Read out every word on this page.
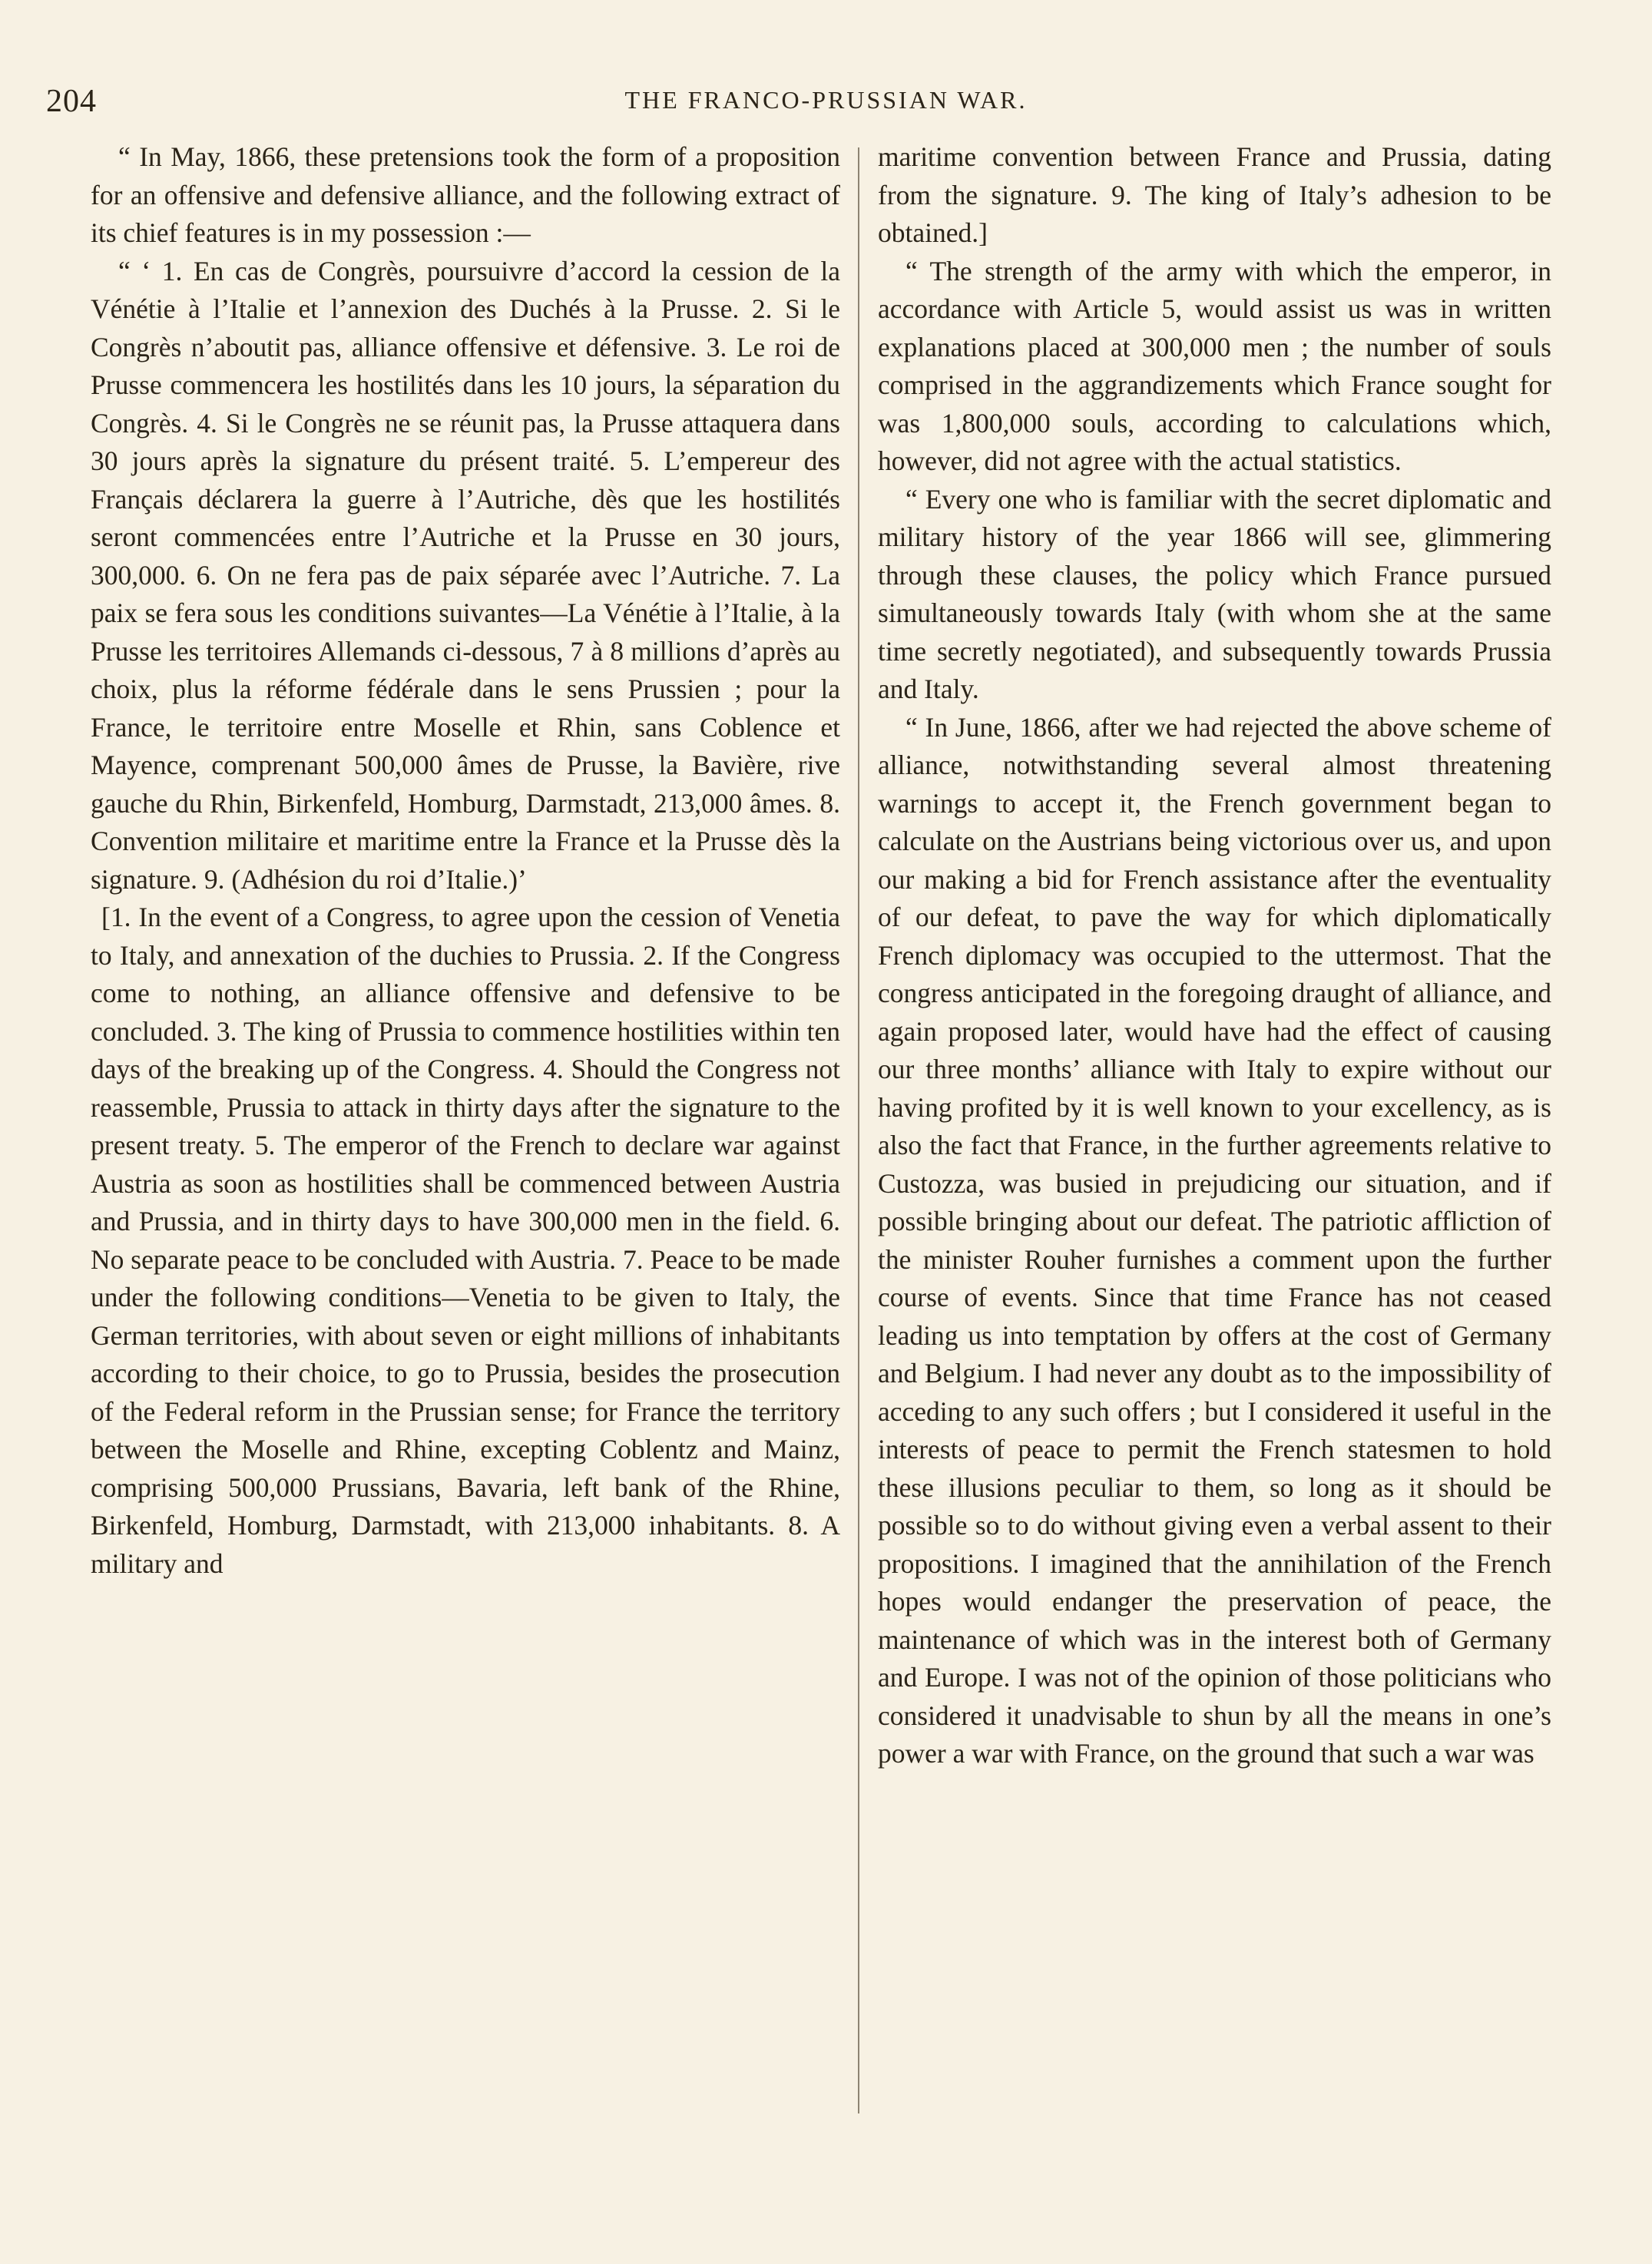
204	THE FRANCO-PRUSSIAN WAR.

“ In May, 1866, these pretensions took the form of a proposition for an offensive and defensive alliance, and the following extract of its chief features is in my possession :—

“ ‘ 1. En cas de Congrès, poursuivre d’accord la cession de la Vénétie à l’Italie et l’annexion des Duchés à la Prusse. 2. Si le Congrès n’aboutit pas, alliance offensive et défensive. 3. Le roi de Prusse commencera les hostilités dans les 10 jours, la séparation du Congrès. 4. Si le Congrès ne se réunit pas, la Prusse attaquera dans 30 jours après la signature du présent traité. 5. L’empereur des Français déclarera la guerre à l’Autriche, dès que les hostilités seront commencées entre l’Autriche et la Prusse en 30 jours, 300,000. 6. On ne fera pas de paix séparée avec l’Autriche. 7. La paix se fera sous les conditions suivantes—La Vénétie à l’Italie, à la Prusse les territoires Allemands ci-dessous, 7 à 8 millions d’après au choix, plus la réforme fédérale dans le sens Prussien ; pour la France, le territoire entre Moselle et Rhin, sans Coblence et Mayence, comprenant 500,000 âmes de Prusse, la Bavière, rive gauche du Rhin, Birkenfeld, Homburg, Darmstadt, 213,000 âmes. 8. Convention militaire et maritime entre la France et la Prusse dès la signature. 9. (Adhésion du roi d’Italie.)’

[1. In the event of a Congress, to agree upon the cession of Venetia to Italy, and annexation of the duchies to Prussia. 2. If the Congress come to nothing, an alliance offensive and defensive to be concluded. 3. The king of Prussia to commence hostilities within ten days of the breaking up of the Congress. 4. Should the Congress not reassemble, Prussia to attack in thirty days after the signature to the present treaty. 5. The emperor of the French to declare war against Austria as soon as hostilities shall be commenced between Austria and Prussia, and in thirty days to have 300,000 men in the field. 6. No separate peace to be concluded with Austria. 7. Peace to be made under the following conditions—Venetia to be given to Italy, the German territories, with about seven or eight millions of inhabitants according to their choice, to go to Prussia, besides the prosecution of the Federal reform in the Prussian sense; for France the territory between the Moselle and Rhine, excepting Coblentz and Mainz, comprising 500,000 Prussians, Bavaria, left bank of the Rhine, Birkenfeld, Homburg, Darmstadt, with 213,000 inhabitants. 8. A military and

maritime convention between France and Prussia, dating from the signature. 9. The king of Italy’s adhesion to be obtained.]

“ The strength of the army with which the emperor, in accordance with Article 5, would assist us was in written explanations placed at 300,000 men ; the number of souls comprised in the aggrandizements which France sought for was 1,800,000 souls, according to calculations which, however, did not agree with the actual statistics.

“ Every one who is familiar with the secret diplomatic and military history of the year 1866 will see, glimmering through these clauses, the policy which France pursued simultaneously towards Italy (with whom she at the same time secretly negotiated), and subsequently towards Prussia and Italy.

“ In June, 1866, after we had rejected the above scheme of alliance, notwithstanding several almost threatening warnings to accept it, the French government began to calculate on the Austrians being victorious over us, and upon our making a bid for French assistance after the eventuality of our defeat, to pave the way for which diplomatically French diplomacy was occupied to the uttermost. That the congress anticipated in the foregoing draught of alliance, and again proposed later, would have had the effect of causing our three months’ alliance with Italy to expire without our having profited by it is well known to your excellency, as is also the fact that France, in the further agreements relative to Custozza, was busied in prejudicing our situation, and if possible bringing about our defeat. The patriotic affliction of the minister Rouher furnishes a comment upon the further course of events. Since that time France has not ceased leading us into temptation by offers at the cost of Germany and Belgium. I had never any doubt as to the impossibility of acceding to any such offers ; but I considered it useful in the interests of peace to permit the French statesmen to hold these illusions peculiar to them, so long as it should be possible so to do without giving even a verbal assent to their propositions. I imagined that the annihilation of the French hopes would endanger the preservation of peace, the maintenance of which was in the interest both of Germany and Europe. I was not of the opinion of those politicians who considered it unadvisable to shun by all the means in one’s power a war with France, on the ground that such a war was
